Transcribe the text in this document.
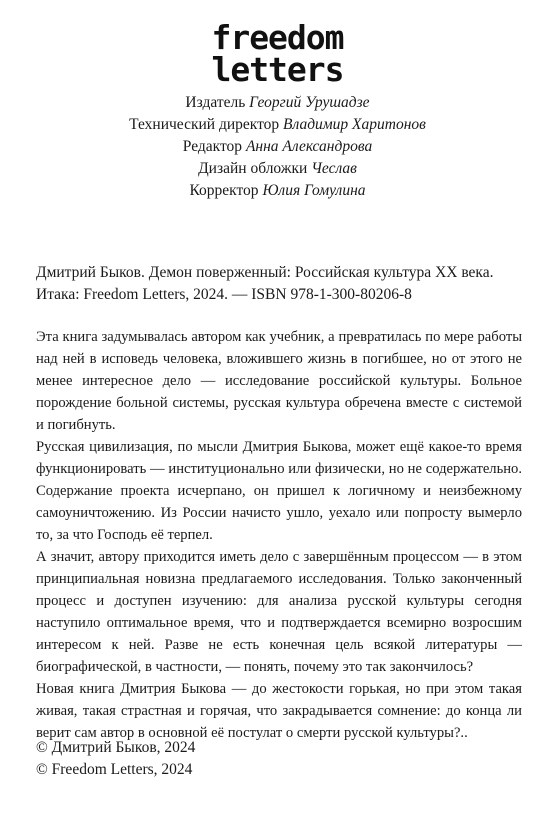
freedom
letters
Издатель Георгий Урушадзе
Технический директор Владимир Харитонов
Редактор Анна Александрова
Дизайн обложки Чеслав
Корректор Юлия Гомулина
Дмитрий Быков. Демон поверженный: Российская культура XX века. Итака: Freedom Letters, 2024. — ISBN 978-1-300-80206-8

Эта книга задумывалась автором как учебник, а превратилась по мере работы над ней в исповедь человека, вложившего жизнь в погибшее, но от этого не менее интересное дело — исследование российской культуры. Больное порождение больной системы, русская культура обречена вместе с системой и погибнуть.

Русская цивилизация, по мысли Дмитрия Быкова, может ещё какое-то время функционировать — институционально или физически, но не содержательно. Содержание проекта исчерпано, он пришел к логичному и неизбежному самоуничтожению. Из России начисто ушло, уехало или попросту вымерло то, за что Господь её терпел.

А значит, автору приходится иметь дело с завершённым процессом — в этом принципиальная новизна предлагаемого исследования. Только законченный процесс и доступен изучению: для анализа русской культуры сегодня наступило оптимальное время, что и подтверждается всемирно возросшим интересом к ней. Разве не есть конечная цель всякой литературы — биографической, в частности, — понять, почему это так закончилось?

Новая книга Дмитрия Быкова — до жестокости горькая, но при этом такая живая, такая страстная и горячая, что закрадывается сомнение: до конца ли верит сам автор в основной её постулат о смерти русской культуры?..

© Дмитрий Быков, 2024
© Freedom Letters, 2024
